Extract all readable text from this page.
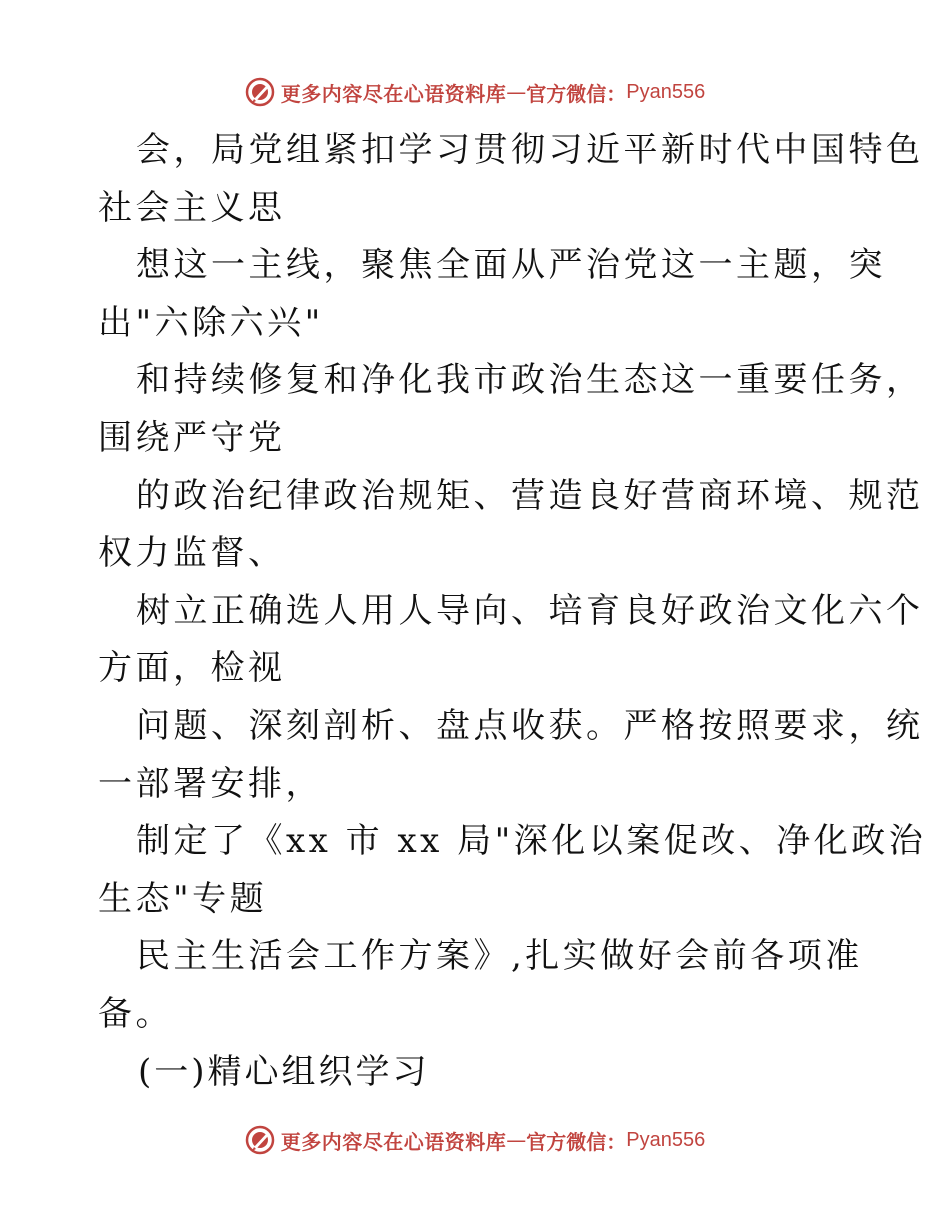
更多内容尽在心语资料库 — 官方微信： Pyan556
会，局党组紧扣学习贯彻习近平新时代中国特色
社会主义思
想这一主线，聚焦全面从严治党这一主题，突
出"六除六兴"
和持续修复和净化我市政治生态这一重要任务，
围绕严守党
的政治纪律政治规矩、营造良好营商环境、规范
权力监督、
树立正确选人用人导向、培育良好政治文化六个
方面，检视
问题、深刻剖析、盘点收获。严格按照要求，统
一部署安排，
制定了《xx 市 xx 局"深化以案促改、净化政治
生态"专题
民主生活会工作方案》,扎实做好会前各项准
备。
(一)精心组织学习
更多内容尽在心语资料库 — 官方微信： Pyan556
